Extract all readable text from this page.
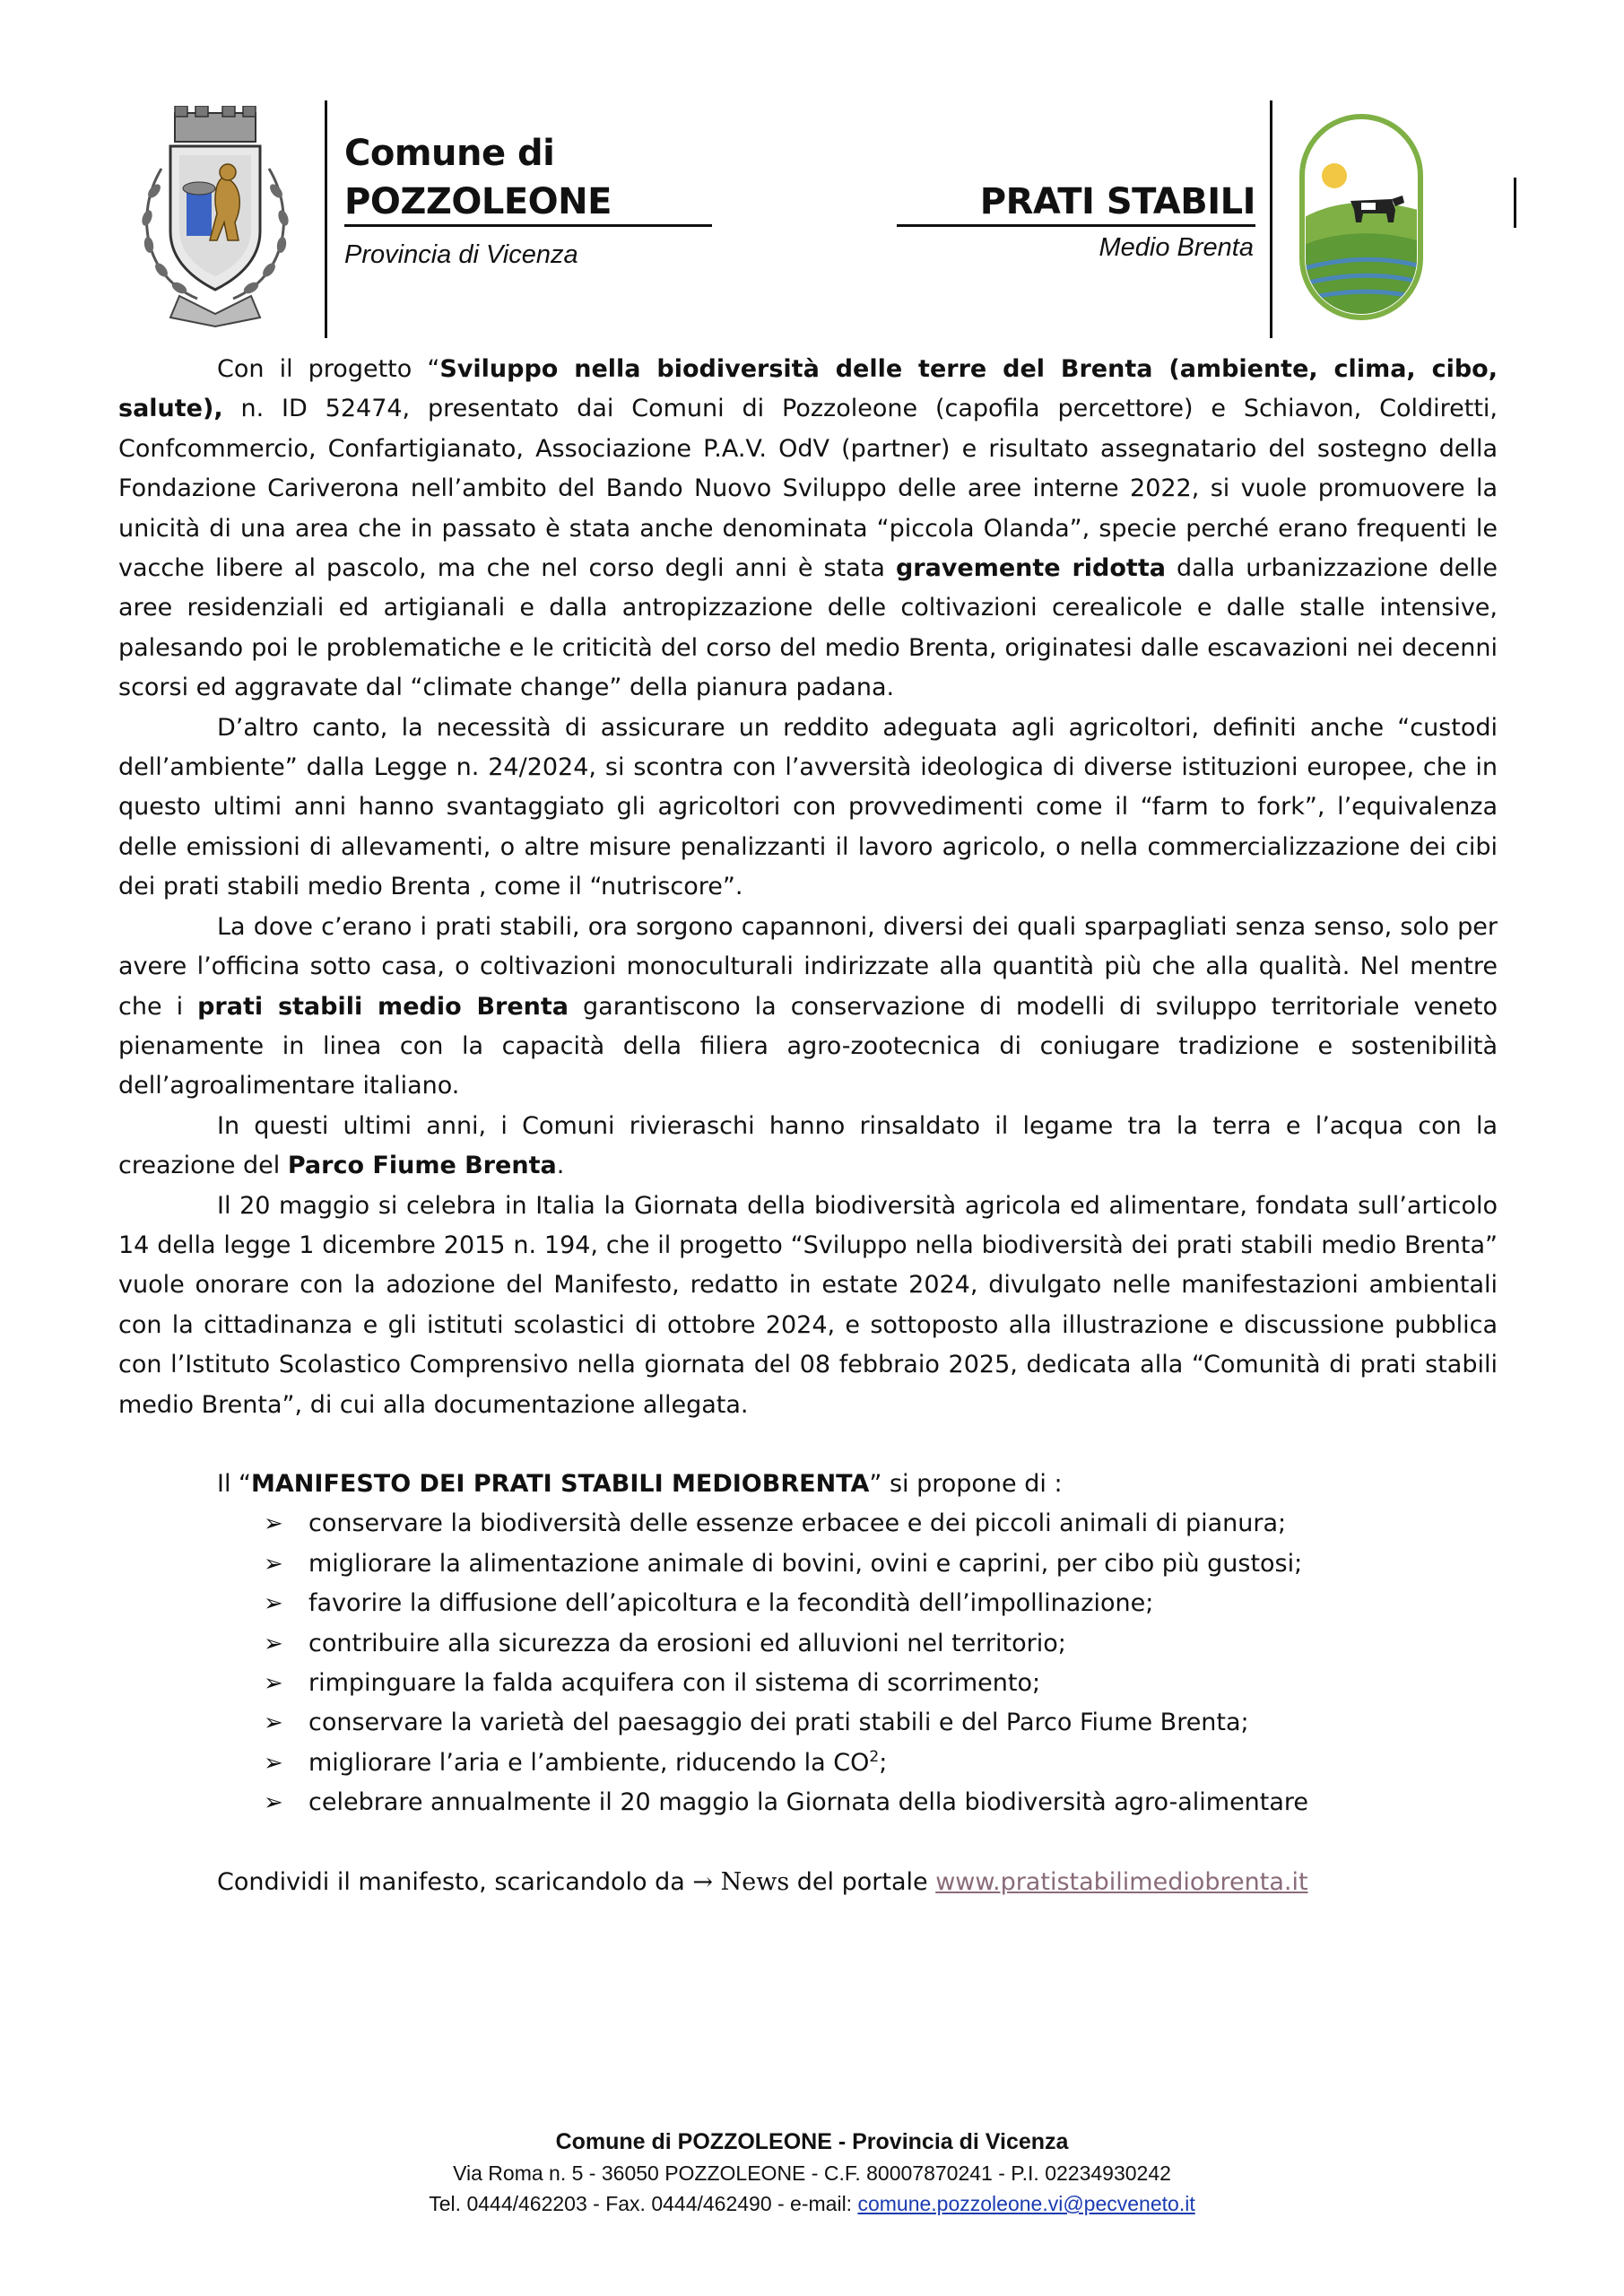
Comune di
POZZOLEONE
Provincia di Vicenza
PRATI STABILI
Medio Brenta

Con il progetto “Sviluppo nella biodiversità delle terre del Brenta (ambiente, clima, cibo, salute), n. ID 52474, presentato dai Comuni di Pozzoleone (capofila percettore) e Schiavon, Coldiretti, Confcommercio, Confartigianato, Associazione P.A.V. OdV (partner) e risultato assegnatario del sostegno della Fondazione Cariverona nell’ambito del Bando Nuovo Sviluppo delle aree interne 2022, si vuole promuovere la unicità di una area che in passato è stata anche denominata “piccola Olanda”, specie perché erano frequenti le vacche libere al pascolo, ma che nel corso degli anni è stata gravemente ridotta dalla urbanizzazione delle aree residenziali ed artigianali e dalla antropizzazione delle coltivazioni cerealicole e dalle stalle intensive, palesando poi le problematiche e le criticità del corso del medio Brenta, originatesi dalle escavazioni nei decenni scorsi ed aggravate dal “climate change” della pianura padana.

D’altro canto, la necessità di assicurare un reddito adeguata agli agricoltori, definiti anche “custodi dell’ambiente” dalla Legge n. 24/2024, si scontra con l’avversità ideologica di diverse istituzioni europee, che in questo ultimi anni hanno svantaggiato gli agricoltori con provvedimenti come il “farm to fork”, l’equivalenza delle emissioni di allevamenti, o altre misure penalizzanti il lavoro agricolo, o nella commercializzazione dei cibi dei prati stabili medio Brenta , come il “nutriscore”.

La dove c’erano i prati stabili, ora sorgono capannoni, diversi dei quali sparpagliati senza senso, solo per avere l’officina sotto casa, o coltivazioni monoculturali indirizzate alla quantità più che alla qualità. Nel mentre che i prati stabili medio Brenta garantiscono la conservazione di modelli di sviluppo territoriale veneto pienamente in linea con la capacità della filiera agro-zootecnica di coniugare tradizione e sostenibilità dell’agroalimentare italiano.

In questi ultimi anni, i Comuni rivieraschi hanno rinsaldato il legame tra la terra e l’acqua con la creazione del Parco Fiume Brenta.

Il 20 maggio si celebra in Italia la Giornata della biodiversità agricola ed alimentare, fondata sull’articolo 14 della legge 1 dicembre 2015 n. 194, che il progetto “Sviluppo nella biodiversità dei prati stabili medio Brenta” vuole onorare con la adozione del Manifesto, redatto in estate 2024, divulgato nelle manifestazioni ambientali con la cittadinanza e gli istituti scolastici di ottobre 2024, e sottoposto alla illustrazione e discussione pubblica con l’Istituto Scolastico Comprensivo nella giornata del 08 febbraio 2025, dedicata alla “Comunità di prati stabili medio Brenta”, di cui alla documentazione allegata.

Il “MANIFESTO DEI PRATI STABILI MEDIOBRENTA” si propone di :

➢ conservare la biodiversità delle essenze erbacee e dei piccoli animali di pianura;
➢ migliorare la alimentazione animale di bovini, ovini e caprini, per cibo più gustosi;
➢ favorire la diffusione dell’apicoltura e la fecondità dell’impollinazione;
➢ contribuire alla sicurezza da erosioni ed alluvioni nel territorio;
➢ rimpinguare la falda acquifera con il sistema di scorrimento;
➢ conservare la varietà del paesaggio dei prati stabili e del Parco Fiume Brenta;
➢ migliorare l’aria e l’ambiente, riducendo la $CO^2$;
➢ celebrare annualmente il 20 maggio la Giornata della biodiversità agro-alimentare

Condividi il manifesto, scaricandolo da → News del portale www.pratistabilimediobrenta.it

Comune di POZZOLEONE - Provincia di Vicenza
Via Roma n. 5 - 36050 POZZOLEONE - C.F. 80007870241 - P.I. 02234930242
Tel. 0444/462203 - Fax. 0444/462490 - e-mail: comune.pozzoleone.vi@pecveneto.it
